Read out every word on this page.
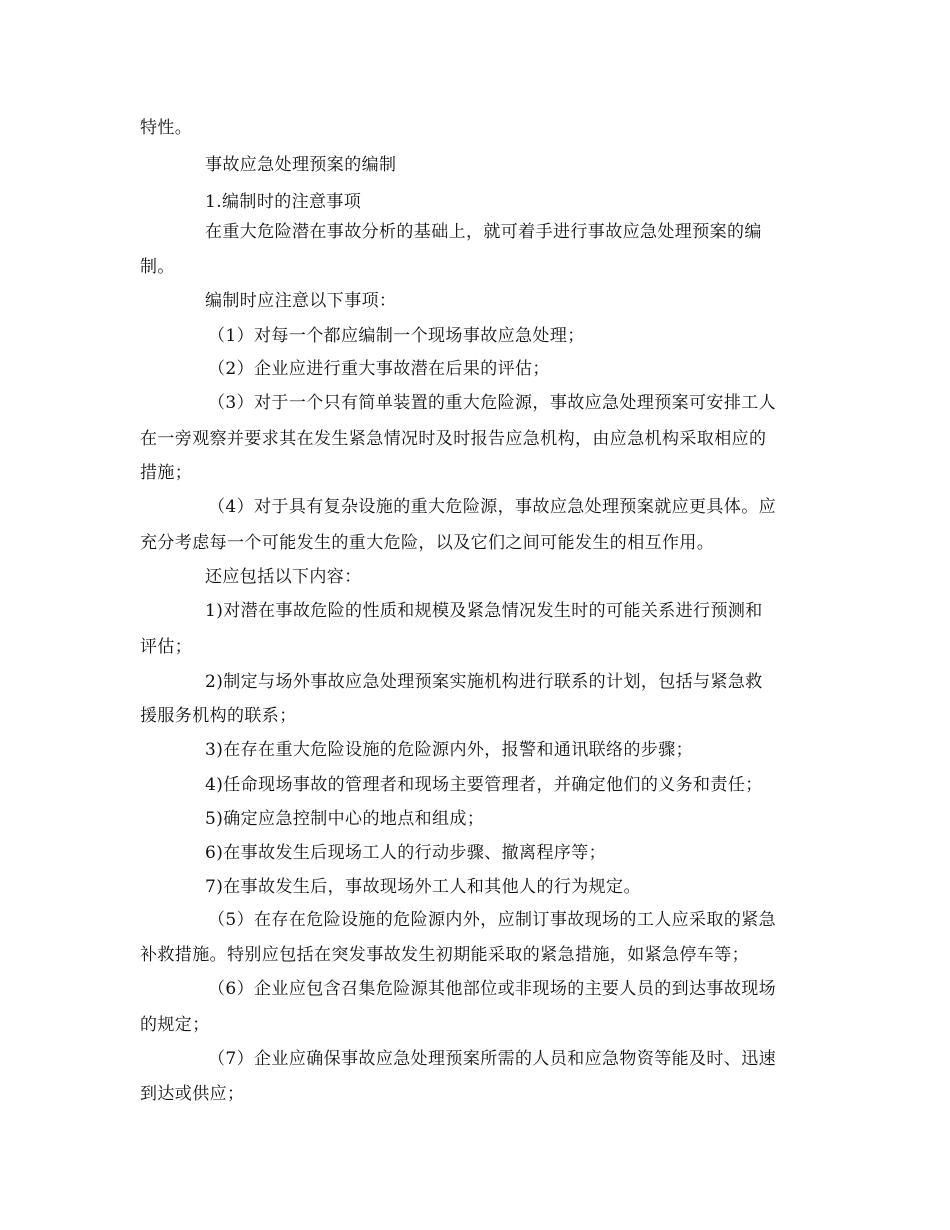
特性。
事故应急处理预案的编制
1.编制时的注意事项
在重大危险潜在事故分析的基础上，就可着手进行事故应急处理预案的编
制。
编制时应注意以下事项：
（1）对每一个都应编制一个现场事故应急处理；
（2）企业应进行重大事故潜在后果的评估；
（3）对于一个只有简单装置的重大危险源，事故应急处理预案可安排工人
在一旁观察并要求其在发生紧急情况时及时报告应急机构，由应急机构采取相应的
措施；
（4）对于具有复杂设施的重大危险源，事故应急处理预案就应更具体。应
充分考虑每一个可能发生的重大危险，以及它们之间可能发生的相互作用。
还应包括以下内容：
1)对潜在事故危险的性质和规模及紧急情况发生时的可能关系进行预测和
评估；
2)制定与场外事故应急处理预案实施机构进行联系的计划，包括与紧急救
援服务机构的联系；
3)在存在重大危险设施的危险源内外，报警和通讯联络的步骤；
4)任命现场事故的管理者和现场主要管理者，并确定他们的义务和责任；
5)确定应急控制中心的地点和组成；
6)在事故发生后现场工人的行动步骤、撤离程序等；
7)在事故发生后，事故现场外工人和其他人的行为规定。
（5）在存在危险设施的危险源内外，应制订事故现场的工人应采取的紧急
补救措施。特别应包括在突发事故发生初期能采取的紧急措施，如紧急停车等；
（6）企业应包含召集危险源其他部位或非现场的主要人员的到达事故现场
的规定；
（7）企业应确保事故应急处理预案所需的人员和应急物资等能及时、迅速
到达或供应；
